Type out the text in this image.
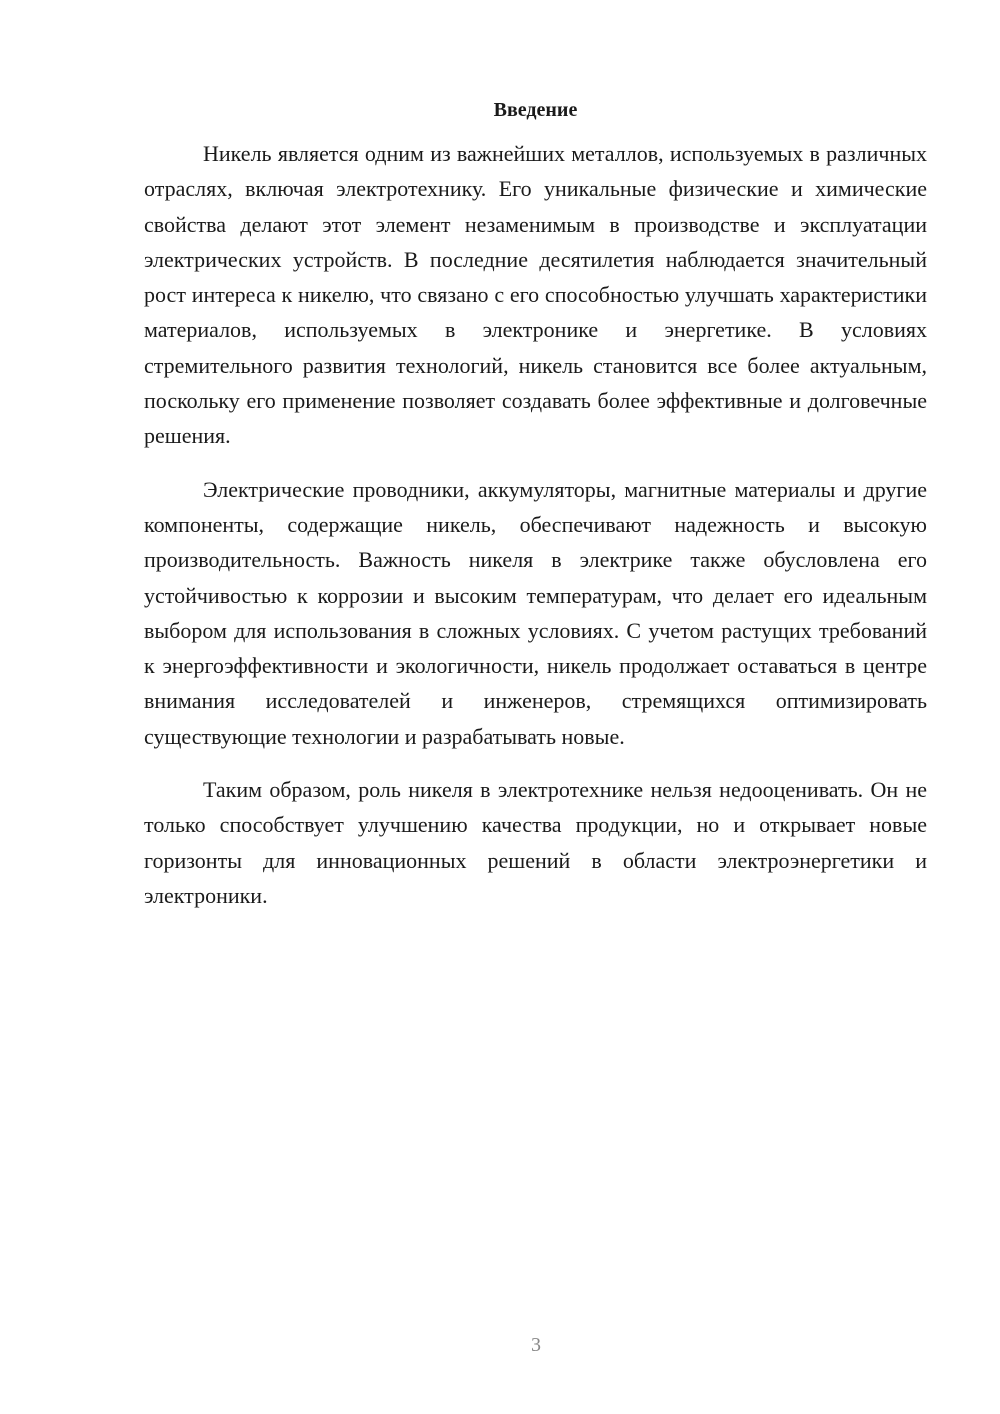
Введение

Никель является одним из важнейших металлов, используемых в различных отраслях, включая электротехнику. Его уникальные физические и химические свойства делают этот элемент незаменимым в производстве и эксплуатации электрических устройств. В последние десятилетия наблюдается значительный рост интереса к никелю, что связано с его способностью улучшать характеристики материалов, используемых в электронике и энергетике. В условиях стремительного развития технологий, никель становится все более актуальным, поскольку его применение позволяет создавать более эффективные и долговечные решения.

Электрические проводники, аккумуляторы, магнитные материалы и другие компоненты, содержащие никель, обеспечивают надежность и высокую производительность. Важность никеля в электрике также обусловлена его устойчивостью к коррозии и высоким температурам, что делает его идеальным выбором для использования в сложных условиях. С учетом растущих требований к энергоэффективности и экологичности, никель продолжает оставаться в центре внимания исследователей и инженеров, стремящихся оптимизировать существующие технологии и разрабатывать новые.

Таким образом, роль никеля в электротехнике нельзя недооценивать. Он не только способствует улучшению качества продукции, но и открывает новые горизонты для инновационных решений в области электроэнергетики и электроники.

3
